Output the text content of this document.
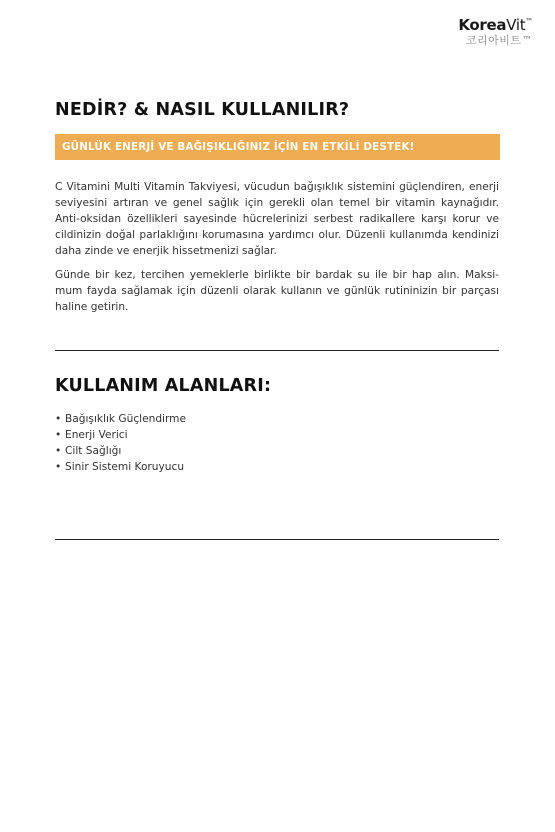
KoreaVit™
코리아비트™
NEDİR? & NASIL KULLANILIR?
GÜNLÜK ENERJİ VE BAĞIŞIKLIĞINIZ İÇİN EN ETKİLİ DESTEK!
C Vitamini Multi Vitamin Takviyesi, vücudun bağışıklık sistemini güçlendiren, enerji seviyesini artıran ve genel sağlık için gerekli olan temel bir vitamin kaynağıdır. Anti-oksidan özellikleri sayesinde hücrelerinizi serbest radikallere karşı korur ve cildinizin doğal parlaklığını korumasına yardımcı olur. Düzenli kullanımda kendinizi daha zinde ve enerjik hissetmenizi sağlar.
Günde bir kez, tercihen yemeklerle birlikte bir bardak su ile bir hap alın. Maksi-mum fayda sağlamak için düzenli olarak kullanın ve günlük rutininizin bir parçası haline getirin.
KULLANIM ALANLARI:
• Bağışıklık Güçlendirme
• Enerji Verici
• Cilt Sağlığı
• Sinir Sistemi Koruyucu
